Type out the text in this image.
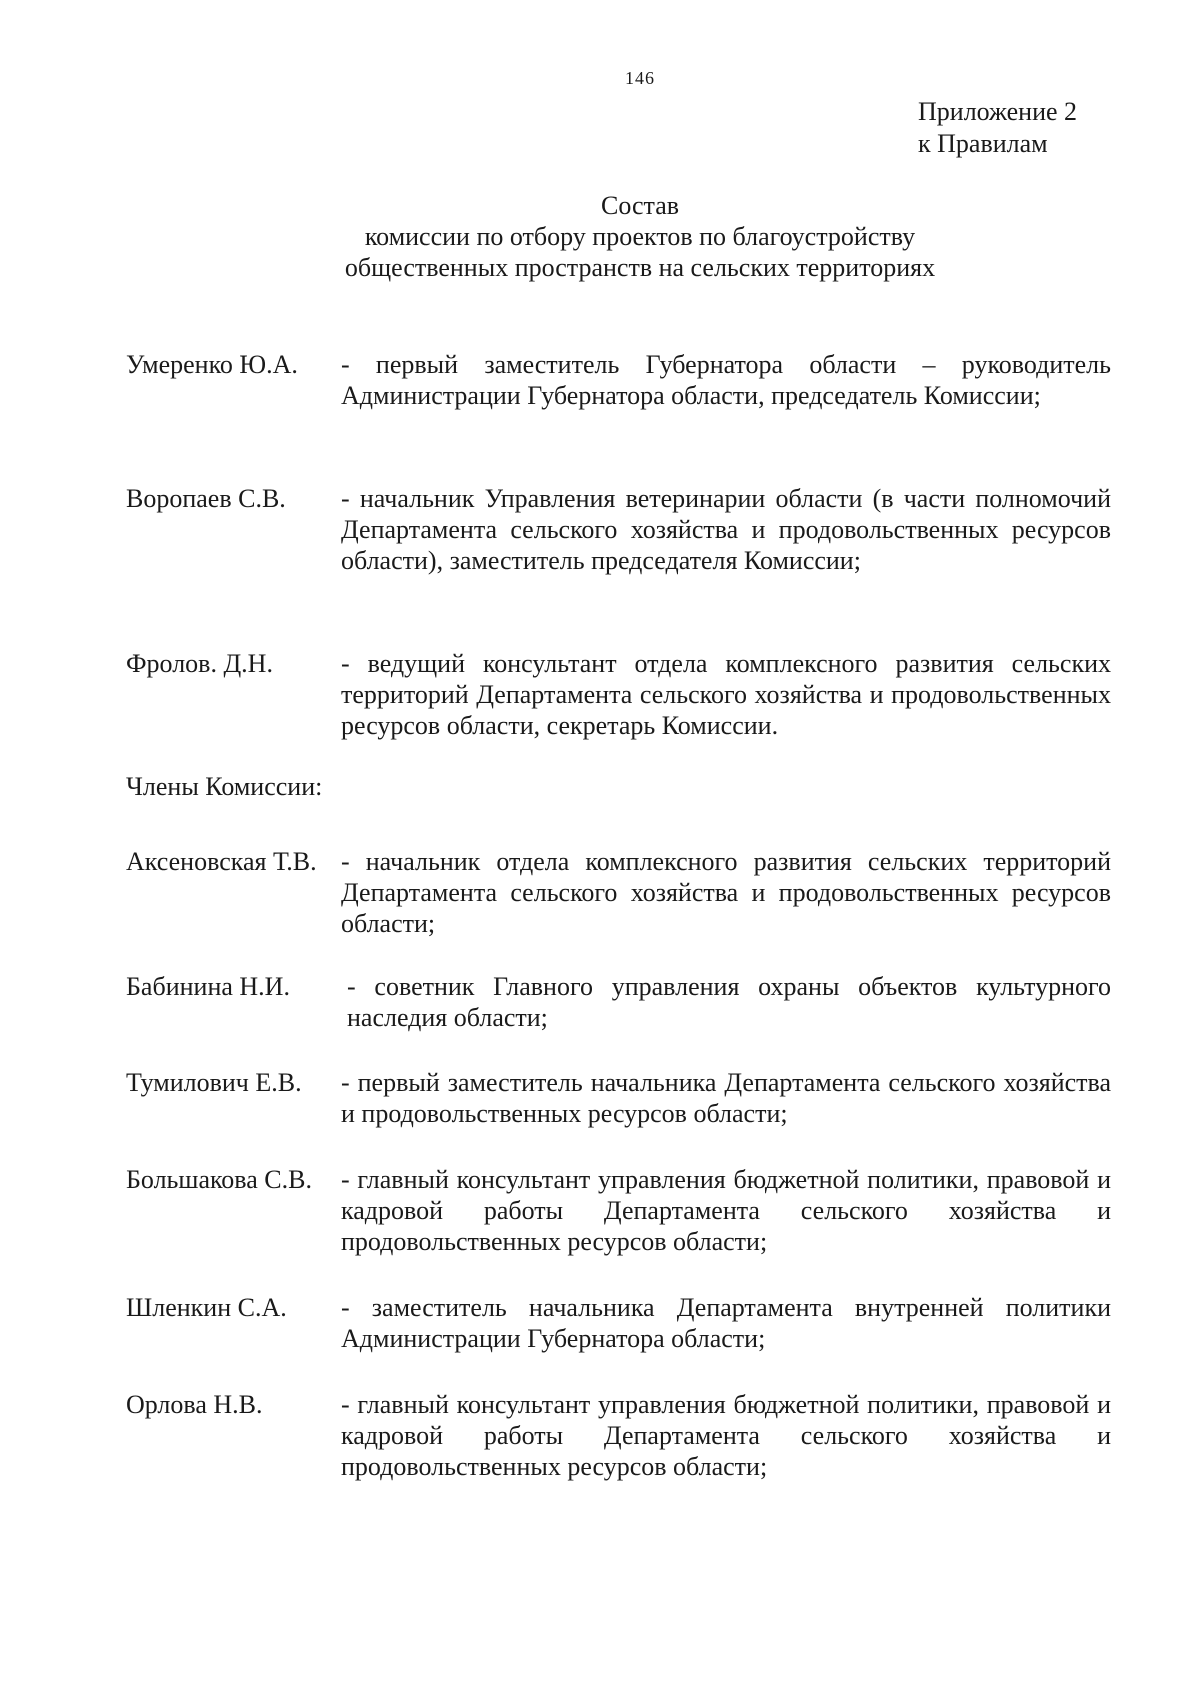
146
Приложение 2
к Правилам
Состав
комиссии по отбору проектов по благоустройству
общественных пространств на сельских территориях
Умеренко Ю.А. - первый заместитель Губернатора области – руководитель Администрации Губернатора области, председатель Комиссии;
Воропаев С.В. - начальник Управления ветеринарии области (в части полномочий Департамента сельского хозяйства и продовольственных ресурсов области), заместитель председателя Комиссии;
Фролов. Д.Н.	- ведущий консультант отдела комплексного развития сельских территорий Департамента сельского хозяйства и продовольственных ресурсов области, секретарь Комиссии.
Члены Комиссии:
Аксеновская Т.В. - начальник отдела комплексного развития сельских территорий Департамента сельского хозяйства и продовольственных ресурсов области;
Бабинина Н.И. - советник Главного управления охраны объектов культурного наследия области;
Тумилович Е.В. - первый заместитель начальника Департамента сельского хозяйства и продовольственных ресурсов области;
Большакова С.В. - главный консультант управления бюджетной политики, правовой и кадровой работы Департамента сельского хозяйства и продовольственных ресурсов области;
Шленкин С.А. - заместитель начальника Департамента внутренней политики Администрации Губернатора области;
Орлова Н.В.	- главный консультант управления бюджетной политики, правовой и кадровой работы Департамента сельского хозяйства и продовольственных ресурсов области;
